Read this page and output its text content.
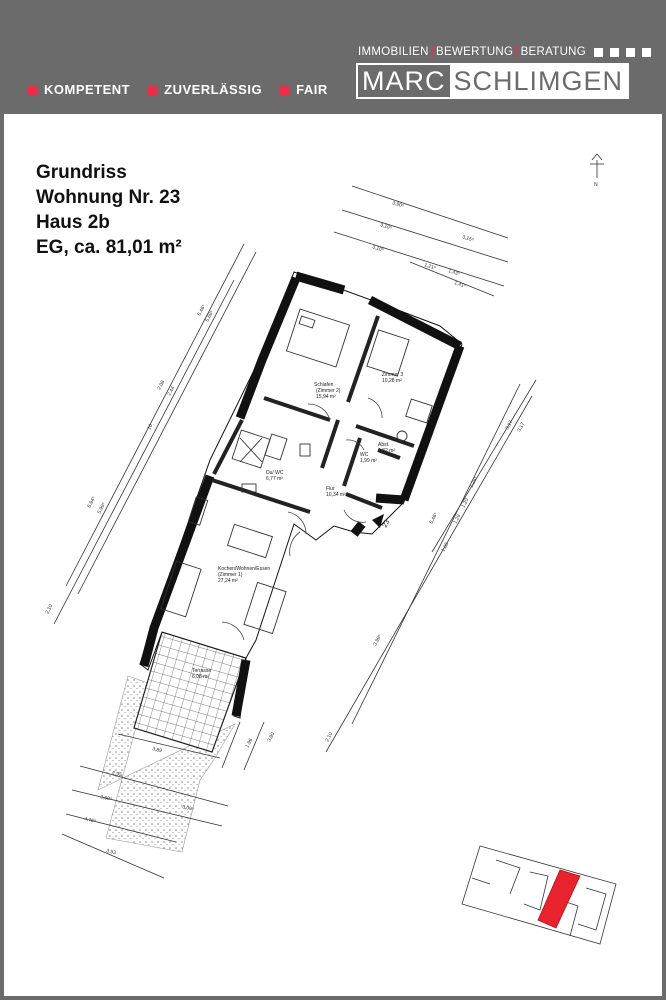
KOMPETENT	ZUVERLÄSSIG	FAIR
IMMOBILIEN | BEWERTUNG | BERATUNG
MARC SCHLIMGEN
Grundriss
Wohnung Nr. 23
Haus 2b
EG, ca. 81,01 m²
5,46⁵
5,69⁵
2,08
2,44
10
5,94⁵ 5,99⁵
2,10
3,90⁵
3,15⁵
3,10⁵
3,10⁵
1,21⁵
1,43⁵
1,41⁵
3,17 3,17
1,28⁵
1,20
1,29
1,65
5,46⁵
3,99⁵
2,10
3,89
2,95
2,60⁵
3,06⁵
4,76⁵
3,93
3,90
1,96
Schlafen
(Zimmer 2)
15,94 m²
Zimmer 3
10,28 m²
Abst.
1,82 m²
WC
1,99 m²
Du/ WC
6,77 m²
Flur
10,34 m²
Kochen/Wohnen/Essen
(Zimmer 1)
27,24 m²
Terrasse
6,08 m²
23
N
